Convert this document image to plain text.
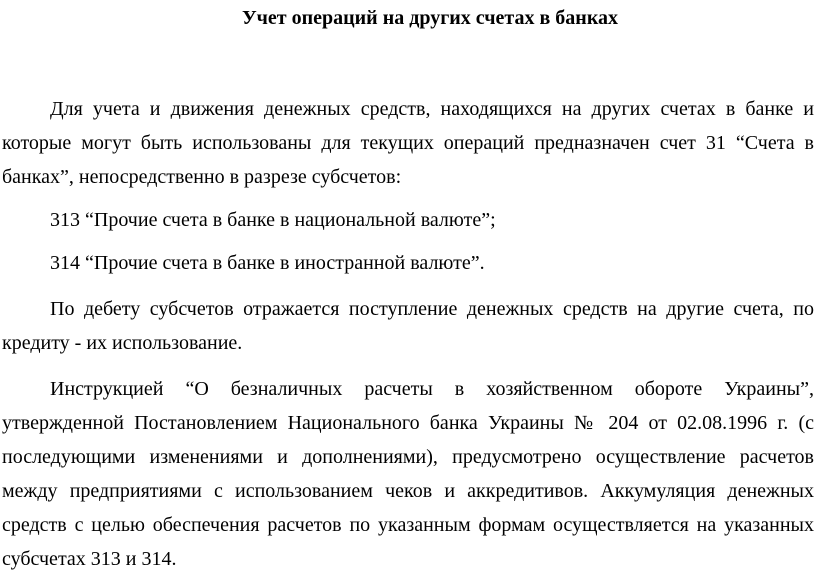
Учет операций на других счетах в банках

Для учета и движения денежных средств, находящихся на других счетах в банке и которые могут быть использованы для текущих операций предназначен счет 31 “Счета в банках”, непосредственно в разрезе субсчетов:

313 “Прочие счета в банке в национальной валюте”;

314 “Прочие счета в банке в иностранной валюте”.

По дебету субсчетов отражается поступление денежных средств на другие счета, по кредиту - их использование.

Инструкцией “О безналичных расчеты в хозяйственном обороте Украины”, утвержденной Постановлением Национального банка Украины № 204 от 02.08.1996 г. (с последующими изменениями и дополнениями), предусмотрено осуществление расчетов между предприятиями с использованием чеков и аккредитивов. Аккумуляция денежных средств с целью обеспечения расчетов по указанным формам осуществляется на указанных субсчетах 313 и 314.
